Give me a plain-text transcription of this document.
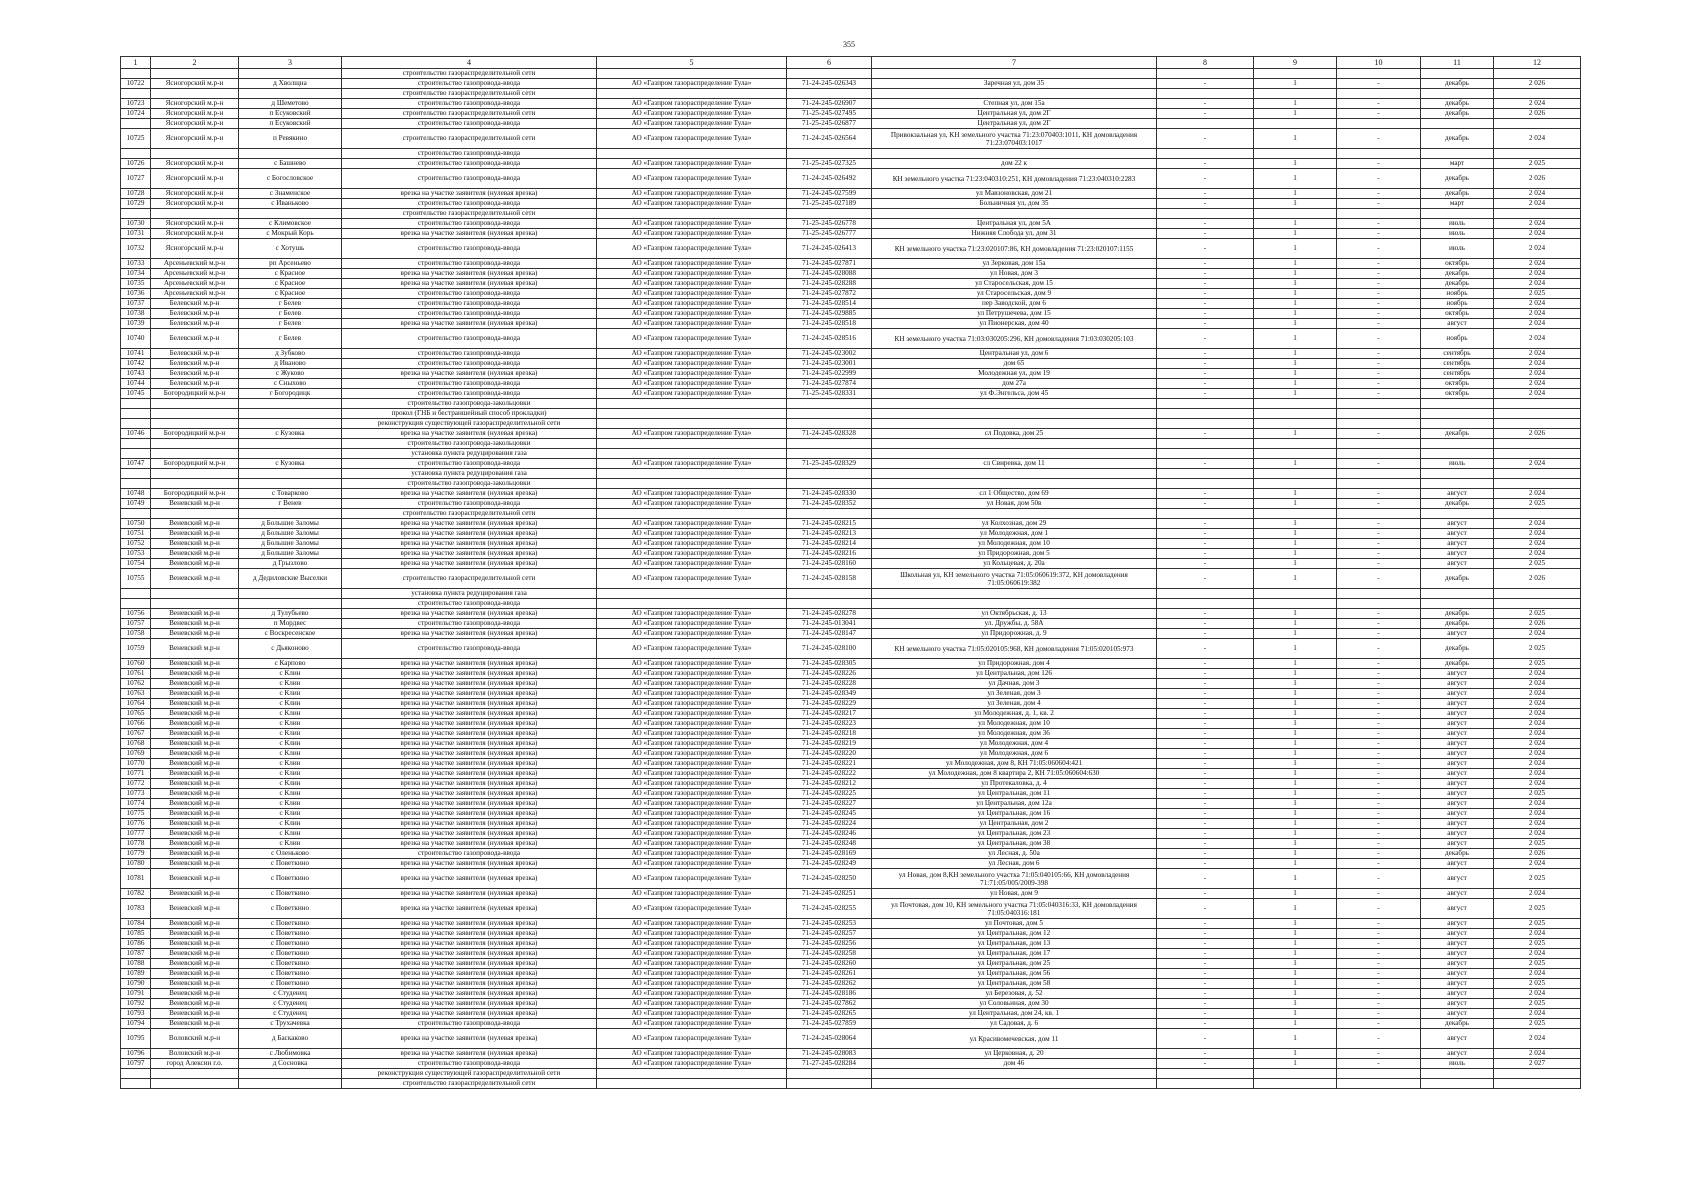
355
1	2	3	4	5	6	7	8	9	10	11	12
			строительство газораспределительной сети								
10722	Ясногорский м.р-н	д Хволщна	строительство газопровода-ввода	АО «Газпром газораспределение Тула»	71-24-245-026343	Заречная ул, дом 35	-	1	-	декабрь	2 026
			строительство газораспределительной сети								
10723	Ясногорский м.р-н	д Шеметово	строительство газопровода-ввода	АО «Газпром газораспределение Тула»	71-24-245-026907	Степная ул, дом 15а	-	1	-	декабрь	2 024
10724	Ясногорский м.р-н	п Есуковский	строительство газораспределительной сети	АО «Газпром газораспределение Тула»	71-25-245-027495	Центральная ул, дом 2Г	-	1	-	декабрь	2 026
	Ясногорский м.р-н	п Есуковский	строительство газопровода-ввода	АО «Газпром газораспределение Тула»	71-25-245-026877	Центральная ул, дом 2Г					
10725	Ясногорский м.р-н	п Ревякино	строительство газораспределительной сети	АО «Газпром газораспределение Тула»	71-24-245-026564	Привокзальная ул, КН земельного участка 71:23:070403:1011, КН домовладения 71:23:070403:1017	-	1	-	декабрь	2 024
			строительство газопровода-ввода								
10726	Ясногорский м.р-н	с Башнево	строительство газопровода-ввода	АО «Газпром газораспределение Тула»	71-25-245-027325	дом 22 к	-	1	-	март	2 025
10727	Ясногорский м.р-н	с Богословское	строительство газопровода-ввода	АО «Газпром газораспределение Тула»	71-24-245-026492	КН земельного участка 71:23:040310:251, КН домовладения 71:23:040310:2283	-	1	-	декабрь	2 026
10728	Ясногорский м.р-н	с Знаменское	врезка на участке заявителя (нулевая врезка)	АО «Газпром газораспределение Тула»	71-24-245-027599	ул Мавзоновская, дом 21	-	1	-	декабрь	2 024
10729	Ясногорский м.р-н	с Иваньково	строительство газопровода-ввода	АО «Газпром газораспределение Тула»	71-25-245-027189	Больничная ул, дом 35	-	1	-	март	2 024
			строительство газораспределительной сети								
10730	Ясногорский м.р-н	с Климовское	строительство газопровода-ввода	АО «Газпром газораспределение Тула»	71-25-245-026778	Центральная ул, дом 5А	-	1	-	июль	2 024
10731	Ясногорский м.р-н	с Мокрый Корь	врезка на участке заявителя (нулевая врезка)	АО «Газпром газораспределение Тула»	71-25-245-026777	Нижняя Слобода ул, дом 31	-	1	-	июль	2 024
10732	Ясногорский м.р-н	с Хотушь	строительство газопровода-ввода	АО «Газпром газораспределение Тула»	71-24-245-026413	КН земельного участка 71:23:020107:86, КН домовладения 71:23:020107:1155	-	1	-	июль	2 024
10733	Арсеньевский м.р-н	рп Арсеньево	строительство газопровода-ввода	АО «Газпром газораспределение Тула»	71-24-245-027871	ул Зерковая, дом 15а	-	1	-	октябрь	2 024
10734	Арсеньевский м.р-н	с Красное	врезка на участке заявителя (нулевая врезка)	АО «Газпром газораспределение Тула»	71-24-245-028088	ул Новая, дом 3	-	1	-	декабрь	2 024
10735	Арсеньевский м.р-н	с Красное	врезка на участке заявителя (нулевая врезка)	АО «Газпром газораспределение Тула»	71-24-245-028288	ул Старосельская, дом 15	-	1	-	декабрь	2 024
10736	Арсеньевский м.р-н	с Красное	строительство газопровода-ввода	АО «Газпром газораспределение Тула»	71-24-245-027872	ул Старосельская, дом 9	-	1	-	ноябрь	2 025
10737	Белевский м.р-н	г Белев	строительство газопровода-ввода	АО «Газпром газораспределение Тула»	71-24-245-028514	пер Заводской, дом 6	-	1	-	ноябрь	2 024
10738	Белевский м.р-н	г Белев	строительство газопровода-ввода	АО «Газпром газораспределение Тула»	71-24-245-029885	ул Петрушечева, дом 15	-	1	-	октябрь	2 024
10739	Белевский м.р-н	г Белев	врезка на участке заявителя (нулевая врезка)	АО «Газпром газораспределение Тула»	71-24-245-028518	ул Пионерская, дом 40	-	1	-	август	2 024
10740	Белевский м.р-н	г Белев	строительство газопровода-ввода	АО «Газпром газораспределение Тула»	71-24-245-028516	КН земельного участка 71:03:030205:296, КН домовладения 71:03:030205:103	-	1	-	ноябрь	2 024
10741	Белевский м.р-н	д Зубково	строительство газопровода-ввода	АО «Газпром газораспределение Тула»	71-24-245-023002	Центральная ул, дом 6	-	1	-	сентябрь	2 024
10742	Белевский м.р-н	д Иваново	строительство газопровода-ввода	АО «Газпром газораспределение Тула»	71-24-245-023001	дом 65	-	1	-	сентябрь	2 024
10743	Белевский м.р-н	с Жуково	врезка на участке заявителя (нулевая врезка)	АО «Газпром газораспределение Тула»	71-24-245-022999	Молодежная ул, дом 19	-	1	-	сентябрь	2 024
10744	Белевский м.р-н	с Сныхово	строительство газопровода-ввода	АО «Газпром газораспределение Тула»	71-24-245-027874	дом 27а	-	1	-	октябрь	2 024
10745	Богородицкий м.р-н	г Богородицк	строительство газопровода-ввода	АО «Газпром газораспределение Тула»	71-25-245-028331	ул Ф.Энгельса, дом 45	-	1	-	октябрь	2 024
			строительство газопровода-закольцовки								
			прокол (ГНБ и бестраншейный способ прокладки)								
			реконструкция существующей газораспределительной сети								
10746	Богородицкий м.р-н	с Кузовка	врезка на участке заявителя (нулевая врезка)	АО «Газпром газораспределение Тула»	71-24-245-028328	сл Подовка, дом 25	-	1	-	декабрь	2 026
			строительство газопровода-закольцовки								
			установка пункта редуцирования газа								
10747	Богородицкий м.р-н	с Кузовка	строительство газопровода-ввода	АО «Газпром газораспределение Тула»	71-25-245-028329	сл Свиревка, дом 11	-	1	-	июль	2 024
			установка пункта редуцирования газа								
			строительство газопровода-закольцовки								
10748	Богородицкий м.р-н	с Товарково	врезка на участке заявителя (нулевая врезка)	АО «Газпром газораспределение Тула»	71-24-245-028330	сл 1 Общество, дом 69	-	1	-	август	2 024
10749	Веневский м.р-н	г Венев	строительство газопровода-ввода	АО «Газпром газораспределение Тула»	71-24-245-028352	ул Новая, дом 50в	-	1	-	декабрь	2 025
			строительство газораспределительной сети								
10750	Веневский м.р-н	д Большие Заломы	врезка на участке заявителя (нулевая врезка)	АО «Газпром газораспределение Тула»	71-24-245-028215	ул Колхозная, дом 29	-	1	-	август	2 024
10751	Веневский м.р-н	д Большие Заломы	врезка на участке заявителя (нулевая врезка)	АО «Газпром газораспределение Тула»	71-24-245-028213	ул Молодежная, дом 1	-	1	-	август	2 024
10752	Веневский м.р-н	д Большие Заломы	врезка на участке заявителя (нулевая врезка)	АО «Газпром газораспределение Тула»	71-24-245-028214	ул Молодежная, дом 10	-	1	-	август	2 024
10753	Веневский м.р-н	д Большие Заломы	врезка на участке заявителя (нулевая врезка)	АО «Газпром газораспределение Тула»	71-24-245-028216	ул Придорожная, дом 5	-	1	-	август	2 024
10754	Веневский м.р-н	д Грызлово	врезка на участке заявителя (нулевая врезка)	АО «Газпром газораспределение Тула»	71-24-245-028160	ул Кольцевая, д. 20а	-	1	-	август	2 025
10755	Веневский м.р-н	д Дедиловские Выселки	строительство газораспределительной сети	АО «Газпром газораспределение Тула»	71-24-245-028158	Школьная ул, КН земельного участка 71:05:060619:372, КН домовладения 71:05:060619:382	-	1	-	декабрь	2 026
			установка пункта редуцирования газа								
			строительство газопровода-ввода								
10756	Веневский м.р-н	д Тулубьево	врезка на участке заявителя (нулевая врезка)	АО «Газпром газораспределение Тула»	71-24-245-028278	ул Октябрьская, д. 13	-	1	-	декабрь	2 025
10757	Веневский м.р-н	п Мордвес	строительство газопровода-ввода	АО «Газпром газораспределение Тула»	71-24-245-013041	ул. Дружбы, д. 58А	-	1	-	декабрь	2 026
10758	Веневский м.р-н	с Воскресенское	врезка на участке заявителя (нулевая врезка)	АО «Газпром газораспределение Тула»	71-24-245-028147	ул Придорожная, д. 9	-	1	-	август	2 024
10759	Веневский м.р-н	с Дьяконово	строительство газопровода-ввода	АО «Газпром газораспределение Тула»	71-24-245-028100	КН земельного участка 71:05:020105:968, КН домовладения 71:05:020105:973	-	1	-	декабрь	2 025
10760	Веневский м.р-н	с Карпово	врезка на участке заявителя (нулевая врезка)	АО «Газпром газораспределение Тула»	71-24-245-028305	ул Придорожная, дом 4	-	1	-	декабрь	2 025
10761	Веневский м.р-н	с Клин	врезка на участке заявителя (нулевая врезка)	АО «Газпром газораспределение Тула»	71-24-245-028226	ул Центральная, дом 126	-	1	-	август	2 024
10762	Веневский м.р-н	с Клин	врезка на участке заявителя (нулевая врезка)	АО «Газпром газораспределение Тула»	71-24-245-028228	ул Дачная, дом 3	-	1	-	август	2 024
10763	Веневский м.р-н	с Клин	врезка на участке заявителя (нулевая врезка)	АО «Газпром газораспределение Тула»	71-24-245-028349	ул Зеленая, дом 3	-	1	-	август	2 024
10764	Веневский м.р-н	с Клин	врезка на участке заявителя (нулевая врезка)	АО «Газпром газораспределение Тула»	71-24-245-028229	ул Зеленая, дом 4	-	1	-	август	2 024
10765	Веневский м.р-н	с Клин	врезка на участке заявителя (нулевая врезка)	АО «Газпром газораспределение Тула»	71-24-245-028217	ул Молодежная, д. 1, кв. 2	-	1	-	август	2 024
10766	Веневский м.р-н	с Клин	врезка на участке заявителя (нулевая врезка)	АО «Газпром газораспределение Тула»	71-24-245-028223	ул Молодежная, дом 10	-	1	-	август	2 024
10767	Веневский м.р-н	с Клин	врезка на участке заявителя (нулевая врезка)	АО «Газпром газораспределение Тула»	71-24-245-028218	ул Молодежная, дом 36	-	1	-	август	2 024
10768	Веневский м.р-н	с Клин	врезка на участке заявителя (нулевая врезка)	АО «Газпром газораспределение Тула»	71-24-245-028219	ул Молодежная, дом 4	-	1	-	август	2 024
10769	Веневский м.р-н	с Клин	врезка на участке заявителя (нулевая врезка)	АО «Газпром газораспределение Тула»	71-24-245-028220	ул Молодежная, дом 6	-	1	-	август	2 024
10770	Веневский м.р-н	с Клин	врезка на участке заявителя (нулевая врезка)	АО «Газпром газораспределение Тула»	71-24-245-028221	ул Молодежная, дом 8, КН 71:05:060604:421	-	1	-	август	2 024
10771	Веневский м.р-н	с Клин	врезка на участке заявителя (нулевая врезка)	АО «Газпром газораспределение Тула»	71-24-245-028222	ул Молодежная, дом 8 квартира 2, КН 71:05:060604:630	-	1	-	август	2 024
10772	Веневский м.р-н	с Клин	врезка на участке заявителя (нулевая врезка)	АО «Газпром газораспределение Тула»	71-24-245-028212	ул Протекаловка, д. 4	-	1	-	август	2 024
10773	Веневский м.р-н	с Клин	врезка на участке заявителя (нулевая врезка)	АО «Газпром газораспределение Тула»	71-24-245-028225	ул Центральная, дом 11	-	1	-	август	2 025
10774	Веневский м.р-н	с Клин	врезка на участке заявителя (нулевая врезка)	АО «Газпром газораспределение Тула»	71-24-245-028227	ул Центральная, дом 12а	-	1	-	август	2 024
10775	Веневский м.р-н	с Клин	врезка на участке заявителя (нулевая врезка)	АО «Газпром газораспределение Тула»	71-24-245-028245	ул Центральная, дом 16	-	1	-	август	2 024
10776	Веневский м.р-н	с Клин	врезка на участке заявителя (нулевая врезка)	АО «Газпром газораспределение Тула»	71-24-245-028224	ул Центральная, дом 2	-	1	-	август	2 024
10777	Веневский м.р-н	с Клин	врезка на участке заявителя (нулевая врезка)	АО «Газпром газораспределение Тула»	71-24-245-028246	ул Центральная, дом 23	-	1	-	август	2 024
10778	Веневский м.р-н	с Клин	врезка на участке заявителя (нулевая врезка)	АО «Газпром газораспределение Тула»	71-24-245-028248	ул Центральная, дом 38	-	1	-	август	2 025
10779	Веневский м.р-н	с Оленьково	строительство газопровода-ввода	АО «Газпром газораспределение Тула»	71-24-245-028169	ул Лесная, д. 50а	-	1	-	декабрь	2 026
10780	Веневский м.р-н	с Поветкино	врезка на участке заявителя (нулевая врезка)	АО «Газпром газораспределение Тула»	71-24-245-028249	ул Лесная, дом 6	-	1	-	август	2 024
10781	Веневский м.р-н	с Поветкино	врезка на участке заявителя (нулевая врезка)	АО «Газпром газораспределение Тула»	71-24-245-028250	ул Новая, дом 8,КН земельного участка 71:05:040105:66, КН домовладения 71:71:05/005/2009-398	-	1	-	август	2 025
10782	Веневский м.р-н	с Поветкино	врезка на участке заявителя (нулевая врезка)	АО «Газпром газораспределение Тула»	71-24-245-028251	ул Новая, дом 9	-	1	-	август	2 024
10783	Веневский м.р-н	с Поветкино	врезка на участке заявителя (нулевая врезка)	АО «Газпром газораспределение Тула»	71-24-245-028255	ул Почтовая, дом 10, КН земельного участка 71:05:040316:33, КН домовладения 71:05:040316:181	-	1	-	август	2 025
10784	Веневский м.р-н	с Поветкино	врезка на участке заявителя (нулевая врезка)	АО «Газпром газораспределение Тула»	71-24-245-028253	ул Почтовая, дом 5	-	1	-	август	2 025
10785	Веневский м.р-н	с Поветкино	врезка на участке заявителя (нулевая врезка)	АО «Газпром газораспределение Тула»	71-24-245-028257	ул Центральная, дом 12	-	1	-	август	2 024
10786	Веневский м.р-н	с Поветкино	врезка на участке заявителя (нулевая врезка)	АО «Газпром газораспределение Тула»	71-24-245-028256	ул Центральная, дом 13	-	1	-	август	2 025
10787	Веневский м.р-н	с Поветкино	врезка на участке заявителя (нулевая врезка)	АО «Газпром газораспределение Тула»	71-24-245-028258	ул Центральная, дом 17	-	1	-	август	2 024
10788	Веневский м.р-н	с Поветкино	врезка на участке заявителя (нулевая врезка)	АО «Газпром газораспределение Тула»	71-24-245-028260	ул Центральная, дом 25	-	1	-	август	2 025
10789	Веневский м.р-н	с Поветкино	врезка на участке заявителя (нулевая врезка)	АО «Газпром газораспределение Тула»	71-24-245-028261	ул Центральная, дом 56	-	1	-	август	2 024
10790	Веневский м.р-н	с Поветкино	врезка на участке заявителя (нулевая врезка)	АО «Газпром газораспределение Тула»	71-24-245-028262	ул Центральная, дом 58	-	1	-	август	2 025
10791	Веневский м.р-н	с Студенец	врезка на участке заявителя (нулевая врезка)	АО «Газпром газораспределение Тула»	71-24-245-028186	ул Березовая, д. 52	-	1	-	август	2 024
10792	Веневский м.р-н	с Студенец	врезка на участке заявителя (нулевая врезка)	АО «Газпром газораспределение Тула»	71-24-245-027862	ул Соловьиная, дом 30	-	1	-	август	2 025
10793	Веневский м.р-н	с Студенец	врезка на участке заявителя (нулевая врезка)	АО «Газпром газораспределение Тула»	71-24-245-028265	ул Центральная, дом 24, кв. 1	-	1	-	август	2 024
10794	Веневский м.р-н	с Трухачевка	строительство газопровода-ввода	АО «Газпром газораспределение Тула»	71-24-245-027859	ул Садовая, д. 6	-	1	-	декабрь	2 025
10795	Воловский м.р-н	д Баскаково	врезка на участке заявителя (нулевая врезка)	АО «Газпром газораспределение Тула»	71-24-245-028064	ул Красивомечевская, дом 11	-	1	-	август	2 024
10796	Воловский м.р-н	с Любимовка	врезка на участке заявителя (нулевая врезка)	АО «Газпром газораспределение Тула»	71-24-245-028083	ул Церковная, д. 20	-	1	-	август	2 024
10797	город Алексин г.о.	д Сосновка	строительство газопровода-ввода	АО «Газпром газораспределение Тула»	71-27-245-028284	дом 46	-	1	-	июль	2 027
			реконструкция существующей газораспределительной сети								
			строительство газораспределительной сети								
